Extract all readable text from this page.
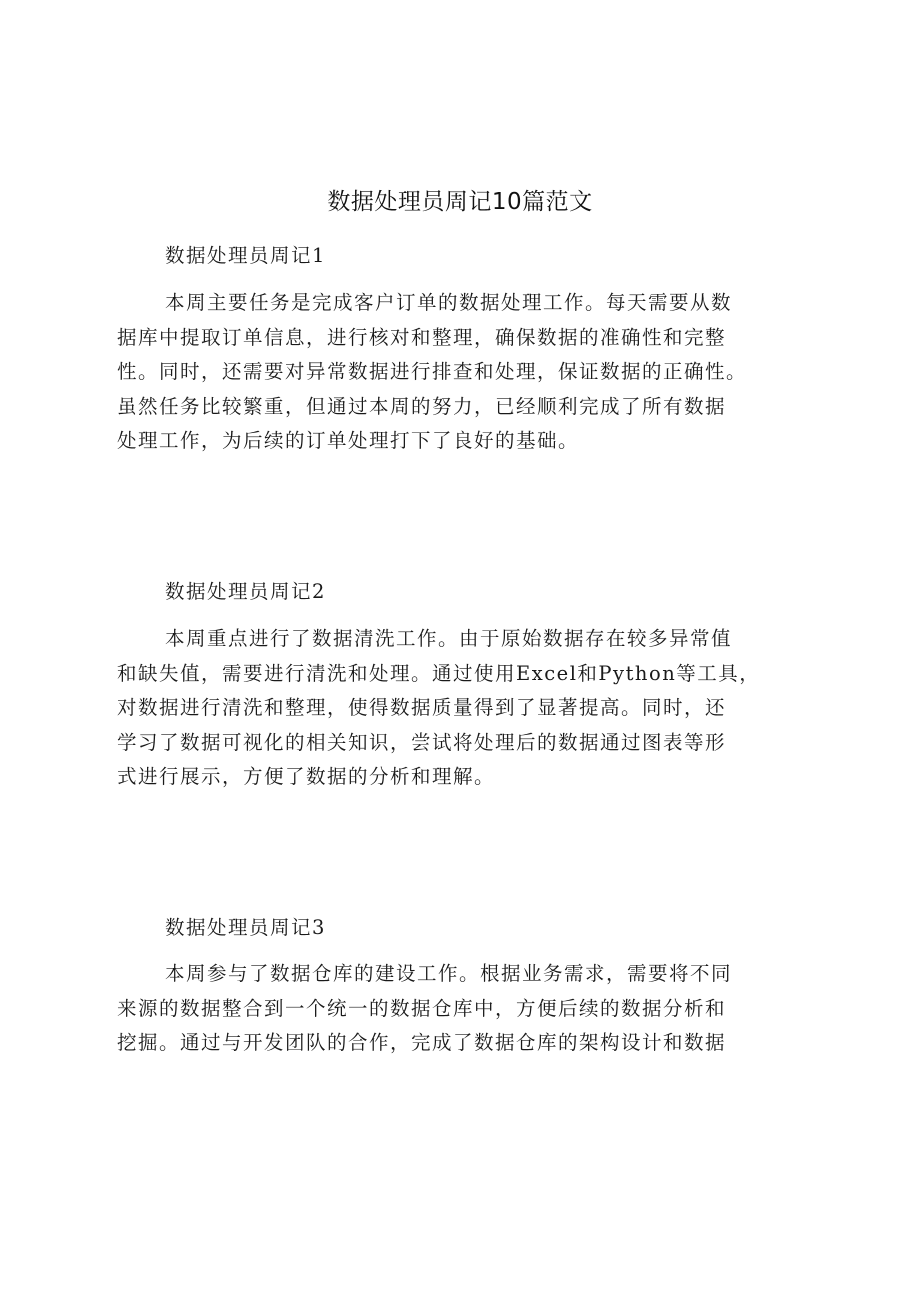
数据处理员周记10篇范文
数据处理员周记1

本周主要任务是完成客户订单的数据处理工作。每天需要从数
据库中提取订单信息，进行核对和整理，确保数据的准确性和完整
性。同时，还需要对异常数据进行排查和处理，保证数据的正确性。
虽然任务比较繁重，但通过本周的努力，已经顺利完成了所有数据
处理工作，为后续的订单处理打下了良好的基础。

数据处理员周记2

本周重点进行了数据清洗工作。由于原始数据存在较多异常值
和缺失值，需要进行清洗和处理。通过使用Excel和Python等工具，
对数据进行清洗和整理，使得数据质量得到了显著提高。同时，还
学习了数据可视化的相关知识，尝试将处理后的数据通过图表等形
式进行展示，方便了数据的分析和理解。

数据处理员周记3

本周参与了数据仓库的建设工作。根据业务需求，需要将不同
来源的数据整合到一个统一的数据仓库中，方便后续的数据分析和
挖掘。通过与开发团队的合作，完成了数据仓库的架构设计和数据
